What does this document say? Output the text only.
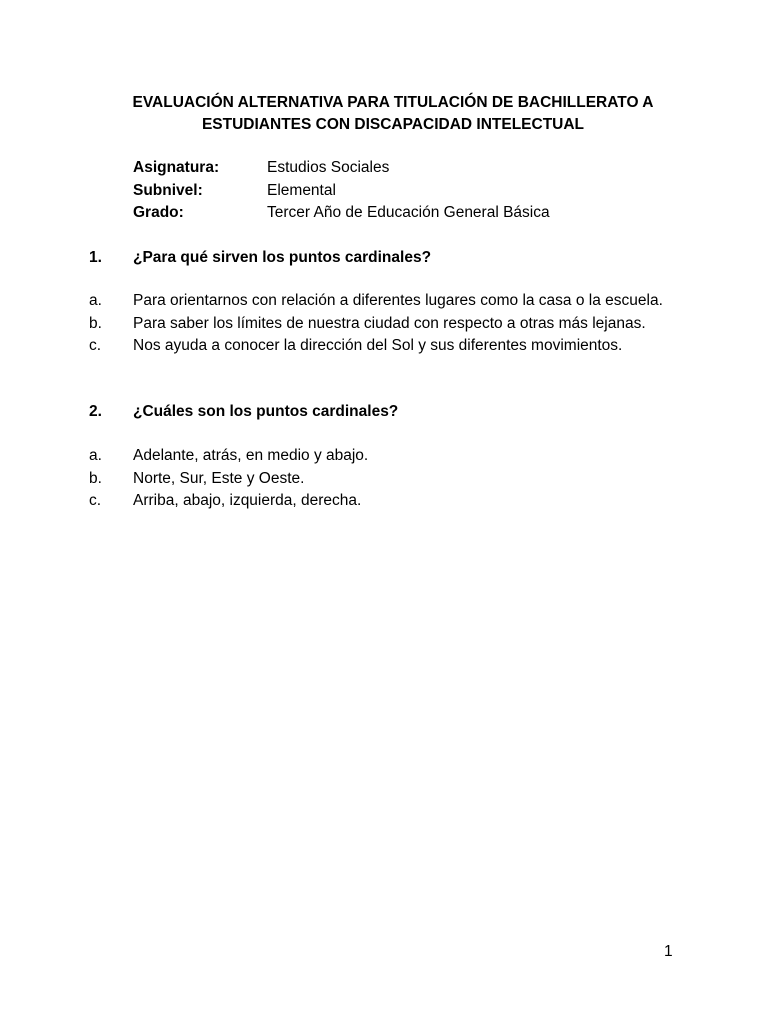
EVALUACIÓN ALTERNATIVA PARA TITULACIÓN DE BACHILLERATO A
ESTUDIANTES CON DISCAPACIDAD INTELECTUAL
Asignatura:	Estudios Sociales
Subnivel:	Elemental
Grado:	Tercer Año de Educación General Básica
1.	¿Para qué sirven los puntos cardinales?
a.	Para orientarnos con relación a diferentes lugares como la casa o la escuela.
b.	Para saber los límites de nuestra ciudad con respecto a otras más lejanas.
c.	Nos ayuda a conocer la dirección del Sol y sus diferentes movimientos.
2.	¿Cuáles son los puntos cardinales?
a.	Adelante, atrás, en medio y abajo.
b.	Norte, Sur, Este y Oeste.
c.	Arriba, abajo, izquierda, derecha.
1
